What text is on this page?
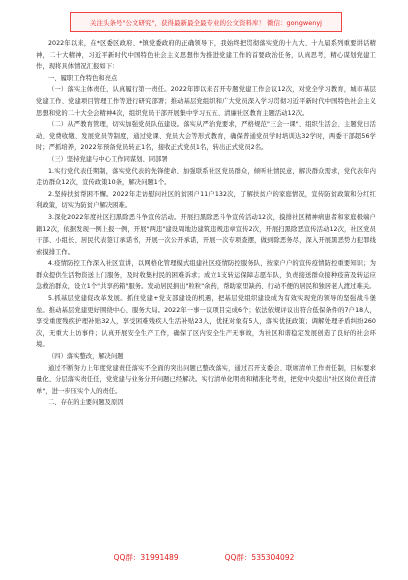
关注头条号"公文研究"，获得最新最全最专业的公文资料库！ 微信：gongwenyj

2022年以来，在*区委区政府、*镇党委政府的正确领导下，我始终把贯彻落实党的十九大、十九届系列重要讲话精神，二十大精神，习近平新时代中国特色社会主义思想作为推进党建工作的首要政治任务，认真思考，精心谋划党建工作，现将具体情况汇报如下：

一、履职工作特色和亮点

（一）落实主体责任，认真履行第一责任。2022年即以来召开专题党建工作会议12次，对党全学习教育，城市基层党建工作、党建项目管理工作等进行研究部署；推动基层党组织和广大党员深入学习贯彻习近平新时代中国特色社会主义思想和党的二十大全会精神4次，组织党员干部开展集中学习五五、清廉社区教育主题活动12次。

（二）从严教育管理，切实加强党员队伍建设。落实从严治党要求，严格规范"三会一课"、组织生活会、主题党日活动、党费收缴、发展党员等制度，通过党课、党员大会等形式教育，确保普通党员学时培训达32学时，两委干部超56学时；严抓培养，2022年预备党员转正1名，接收正式党员1名，转出正式党员2名。

（三）坚持党建与中心工作同谋划、同部署

1.实行党代表任期制，落实党代表的先锋使命、加强联系社区党员群众，倾听社情民意，解决群众需求，党代表年内走访群众12次，宣传政策10条，解决问题1个。

2.坚持扶贫帮困不懈。2022年走访慰问社区的贫困户11户132次，了解扶贫户的家庭情况，宣传防贫政策和分红红利政策，切实为防贫户解决困难。

3.深化2022年度社区扫黑除恶斗争宣传活动。开展扫黑除恶斗争宣传活动12次，摸排社区精神病患者和家庭极端户籍12次，依据发现一例上报一例，开展"两违"建设周地边建筑违规违章宣传2次，开展扫黑除恶宣传活动12次，社区党员干部、小组长、居民代表签订承诺书，开展一次公开承诺，开展一次专项查摆，做到除恶务尽，深入开展黑恶势力犯罪线索摸排工作。

4.疫情防控工作深入社区宣讲，以网格化管理模式组建社区疫情防控服务队，按家户户的宣传疫情防控重要知识；为群众提供生活物资送上门服务，及时收集村民的困难诉求；成立1支转运保障志愿车队，负责接送群众接种疫苗及转运应急救治群众，设立1个"共享药箱"服务。发动居民捐出"粒粒"余药，帮助家里缺药、行动不便的居民和独居老人渡过难关。

5.抓基层党建促改革发展。抓住党建+党支部建设的机遇，把基层党组织建设成为有效实现党的领导的坚强战斗堡垒。推动基层党建更好围绕中心、服务大局。2022年一事一议项目完成6个；依法依规评议出符合低保条件的7户18人，享受重度残疾护理补贴32人，享受困难残疾人生活补贴23人，优抚对象有5人，落实优抚政策；调解处理矛盾纠纷260次，无重大上访事件；认真开展安全生产工作，确保了区内安全生产无事故，为社区和谐稳定发展创造了良好的社会环境。

（四）落实整改，解决问题

通过不断努力上年度党建责任落实不全面的突出问题已整改落实，通过召开支委会、联席清单工作责任制，目标要求量化、分层落实责任任，党党建与业务分开问题已经解决。实行清单化明责和精准化考责，把党中央提出"社区岗位责任清单"，进一步压实个人的责任。

二、存在的主要问题及原因

QQ群：31991489	QQ群：535304092
